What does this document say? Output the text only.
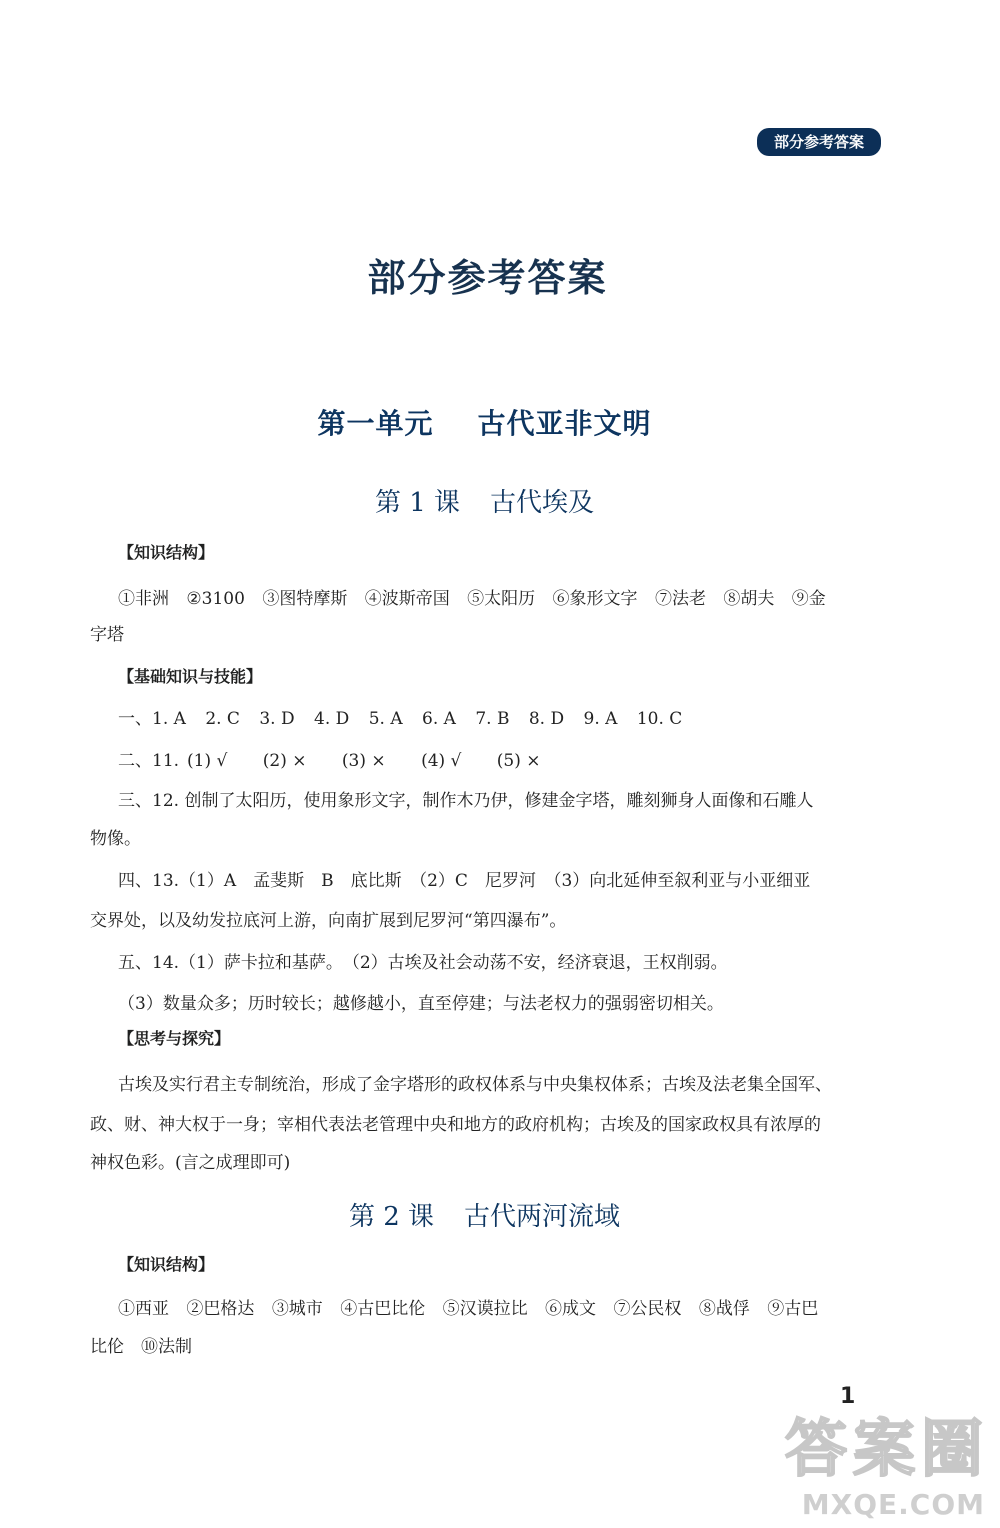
部分参考答案
部分参考答案
第一单元 古代亚非文明
第 1 课 古代埃及
【知识结构】
①非洲 ②3100 ③图特摩斯 ④波斯帝国 ⑤太阳历 ⑥象形文字 ⑦法老 ⑧胡夫 ⑨金
字塔
【基础知识与技能】
一、1. A 2. C 3. D 4. D 5. A 6. A 7. B 8. D 9. A 10. C
二、11. (1) √ (2) × (3) × (4) √ (5) ×
三、12. 创制了太阳历，使用象形文字，制作木乃伊，修建金字塔，雕刻狮身人面像和石雕人
物像。
四、13.（1）A　孟斐斯　B　底比斯　（2）C　尼罗河　（3）向北延伸至叙利亚与小亚细亚
交界处，以及幼发拉底河上游，向南扩展到尼罗河“第四瀑布”。
五、14.（1）萨卡拉和基萨。　（2）古埃及社会动荡不安，经济衰退，王权削弱。
（3）数量众多；历时较长；越修越小，直至停建；与法老权力的强弱密切相关。
【思考与探究】
古埃及实行君主专制统治，形成了金字塔形的政权体系与中央集权体系；古埃及法老集全国军、
政、财、神大权于一身；宰相代表法老管理中央和地方的政府机构；古埃及的国家政权具有浓厚的
神权色彩。(言之成理即可)
第 2 课 古代两河流域
【知识结构】
①西亚 ②巴格达 ③城市 ④古巴比伦 ⑤汉谟拉比 ⑥成文 ⑦公民权 ⑧战俘 ⑨古巴
比伦　⑩法制
1
答案圈
MXQE.COM
